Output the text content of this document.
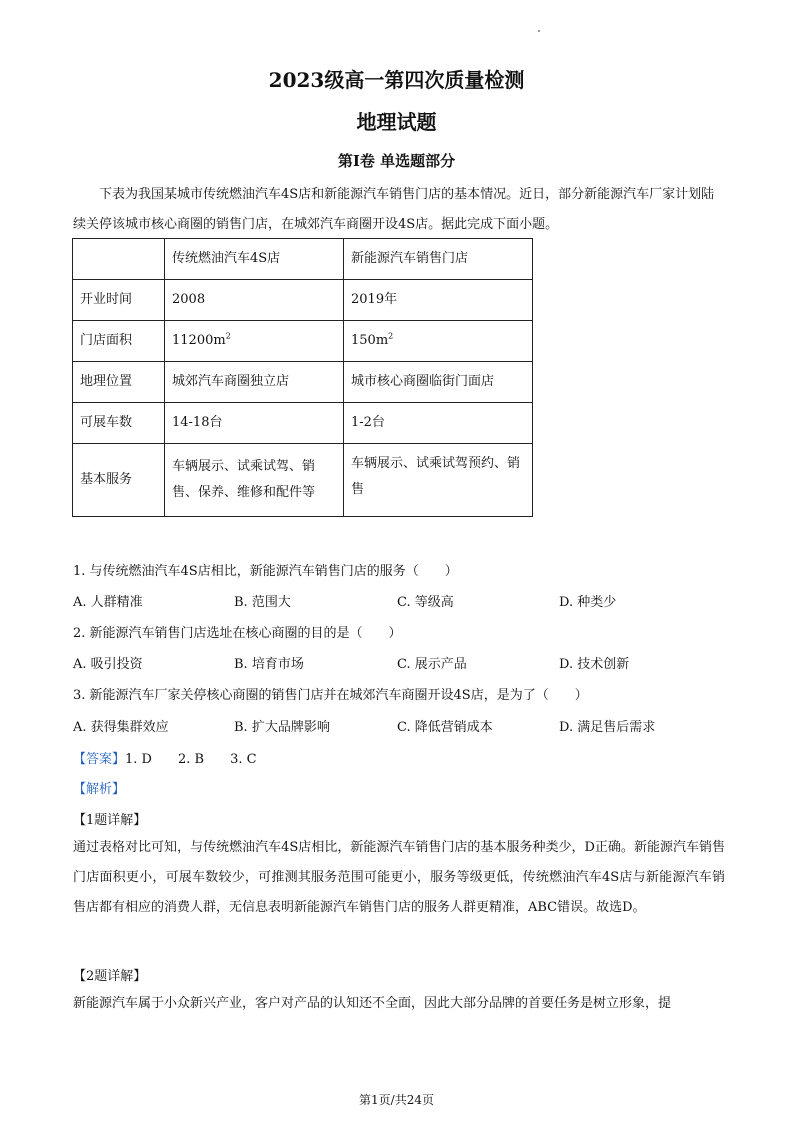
2023级高一第四次质量检测
地理试题
第Ⅰ卷 单选题部分
下表为我国某城市传统燃油汽车4S店和新能源汽车销售门店的基本情况。近日，部分新能源汽车厂家计划陆续关停该城市核心商圈的销售门店，在城郊汽车商圈开设4S店。据此完成下面小题。
	传统燃油汽车4S店	新能源汽车销售门店
开业时间	2008	2019年
门店面积	$11200m^2$	$150m^2$
地理位置	城郊汽车商圈独立店	城市核心商圈临街门面店
可展车数	14-18台	1-2台
基本服务	车辆展示、试乘试驾、销售、保养、维修和配件等	车辆展示、试乘试驾预约、销售
1. 与传统燃油汽车4S店相比，新能源汽车销售门店的服务（　　）
A. 人群精准	B. 范围大	C. 等级高	D. 种类少
2. 新能源汽车销售门店选址在核心商圈的目的是（　　）
A. 吸引投资	B. 培育市场	C. 展示产品	D. 技术创新
3. 新能源汽车厂家关停核心商圈的销售门店并在城郊汽车商圈开设4S店，是为了（　　）
A. 获得集群效应	B. 扩大品牌影响	C. 降低营销成本	D. 满足售后需求
【答案】1. D 2. B 3. C
【解析】
【1题详解】
通过表格对比可知，与传统燃油汽车4S店相比，新能源汽车销售门店的基本服务种类少，D正确。新能源汽车销售门店面积更小，可展车数较少，可推测其服务范围可能更小，服务等级更低，传统燃油汽车4S店与新能源汽车销售店都有相应的消费人群，无信息表明新能源汽车销售门店的服务人群更精准，ABC错误。故选D。
【2题详解】
新能源汽车属于小众新兴产业，客户对产品的认知还不全面，因此大部分品牌的首要任务是树立形象，提
第1页/共24页
